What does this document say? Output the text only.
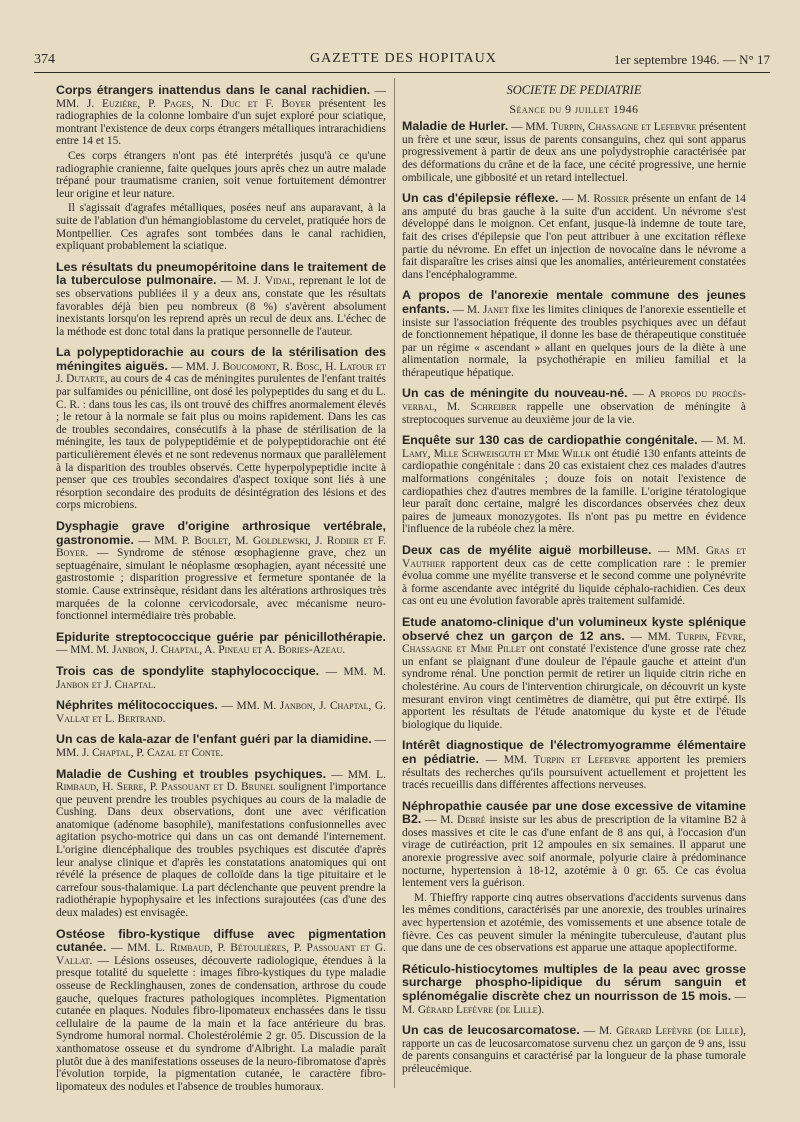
374	GAZETTE DES HOPITAUX	1er septembre 1946. — N° 17

Corps étrangers inattendus dans le canal rachidien. — MM. J. Euzière, P. Pages, N. Duc et F. Boyer présentent les radiographies de la colonne lombaire d'un sujet exploré pour sciatique, montrant l'existence de deux corps étrangers métalliques intrarachidiens entre 14 et 15.

Ces corps étrangers n'ont pas été interprétés jusqu'à ce qu'une radiographie cranienne, faite quelques jours après chez un autre malade trépané pour traumatisme cranien, soit venue fortuitement démontrer leur origine et leur nature.

Il s'agissait d'agrafes métalliques, posées neuf ans auparavant, à la suite de l'ablation d'un hémangioblastome du cervelet, pratiquée hors de Montpellier. Ces agrafes sont tombées dans le canal rachidien, expliquant probablement la sciatique.

Les résultats du pneumopéritoine dans le traitement de la tuberculose pulmonaire. — M. J. Vidal, reprenant le lot de ses observations publiées il y a deux ans, constate que les résultats favorables déjà bien peu nombreux (8 %) s'avèrent absolument inexistants lorsqu'on les reprend après un recul de deux ans. L'échec de la méthode est donc total dans la pratique personnelle de l'auteur.

La polypeptidorachie au cours de la stérilisation des méningites aiguës. — MM. J. Boucomont, R. Bosc, H. Latour et J. Dutarte, au cours de 4 cas de méningites purulentes de l'enfant traités par sulfamides ou pénicilline, ont dosé les polypeptides du sang et du L. C. R. : dans tous les cas, ils ont trouvé des chiffres anormalement élevés ; le retour à la normale se fait plus ou moins rapidement. Dans les cas de troubles secondaires, consécutifs à la phase de stérilisation de la méningite, les taux de polypeptidémie et de polypeptidorachie ont été particulièrement élevés et ne sont redevenus normaux que parallèlement à la disparition des troubles observés. Cette hyperpolypeptidie incite à penser que ces troubles secondaires d'aspect toxique sont liés à une résorption secondaire des produits de désintégration des lésions et des corps microbiens.

Dysphagie grave d'origine arthrosique vertébrale, gastronomie. — MM. P. Boulet, M. Goldlewski, J. Rodier et F. Boyer. — Syndrome de sténose œsophagienne grave, chez un septuagénaire, simulant le néoplasme œsophagien, ayant nécessité une gastrostomie ; disparition progressive et fermeture spontanée de la stomie. Cause extrinsèque, résidant dans les altérations arthrosiques très marquées de la colonne cervicodorsale, avec mécanisme neuro-fonctionnel intermédiaire très probable.

Epidurite streptococcique guérie par pénicillothérapie. — MM. M. Janbon, J. Chaptal, A. Pineau et A. Bories-Azeau.

Trois cas de spondylite staphylococcique. — MM. M. Janbon et J. Chaptal.

Néphrites mélitococciques. — MM. M. Janbon, J. Chaptal, G. Vallat et L. Bertrand.

Un cas de kala-azar de l'enfant guéri par la diamidine. — MM. J. Chaptal, P. Cazal et Conte.

Maladie de Cushing et troubles psychiques. — MM. L. Rimbaud, H. Serre, P. Passouant et D. Brunel soulignent l'importance que peuvent prendre les troubles psychiques au cours de la maladie de Cushing. Dans deux observations, dont une avec vérification anatomique (adénome basophile), manifestations confusionnelles avec agitation psycho-motrice qui dans un cas ont demandé l'internement. L'origine diencéphalique des troubles psychiques est discutée d'après leur analyse clinique et d'après les constatations anatomiques qui ont révélé la présence de plaques de colloïde dans la tige pituitaire et le carrefour sous-thalamique. La part déclenchante que peuvent prendre la radiothérapie hypophysaire et les infections surajoutées (cas d'une des deux malades) est envisagée.

Ostéose fibro-kystique diffuse avec pigmentation cutanée. — MM. L. Rimbaud, P. Bétoulières, P. Passouant et G. Vallat. — Lésions osseuses, découverte radiologique, étendues à la presque totalité du squelette : images fibro-kystiques du type maladie osseuse de Recklinghausen, zones de condensation, arthrose du coude gauche, quelques fractures pathologiques incomplètes. Pigmentation cutanée en plaques. Nodules fibro-lipomateux enchassées dans le tissu cellulaire de la paume de la main et la face antérieure du bras. Syndrome humoral normal. Cholestérolémie 2 gr. 05. Discussion de la xanthomatose osseuse et du syndrome d'Albright. La maladie paraît plutôt due à des manifestations osseuses de la neuro-fibromatose d'après l'évolution torpide, la pigmentation cutanée, le caractère fibro-lipomateux des nodules et l'absence de troubles humoraux.

SOCIETE DE PEDIATRIE
Séance du 9 juillet 1946

Maladie de Hurler. — MM. Turpin, Chassagne et Lefebvre présentent un frère et une sœur, issus de parents consanguins, chez qui sont apparus progressivement à partir de deux ans une polydystrophie caractérisée par des déformations du crâne et de la face, une cécité progressive, une hernie ombilicale, une gibbosité et un retard intellectuel.

Un cas d'épilepsie réflexe. — M. Rossier présente un enfant de 14 ans amputé du bras gauche à la suite d'un accident. Un névrome s'est développé dans le moignon. Cet enfant, jusque-là indemne de toute tare, fait des crises d'épilepsie que l'on peut attribuer à une excitation réflexe partie du névrome. En effet un injection de novocaïne dans le névrome a fait disparaître les crises ainsi que les anomalies, antérieurement constatées dans l'encéphalogramme.

A propos de l'anorexie mentale commune des jeunes enfants. — M. Janet fixe les limites cliniques de l'anorexie essentielle et insiste sur l'association fréquente des troubles psychiques avec un défaut de fonctionnement hépatique, il donne les base de thérapeutique constituée par un régime « ascendant » allant en quelques jours de la diète à une alimentation normale, la psychothérapie en milieu familial et la thérapeutique hépatique.

Un cas de méningite du nouveau-né. — A propos du procès-verbal, M. Schreiber rappelle une observation de méningite à streptocoques survenue au deuxième jour de la vie.

Enquête sur 130 cas de cardiopathie congénitale. — M. M. Lamy, Mlle Schweisguth et Mme Willk ont étudié 130 enfants atteints de cardiopathie congénitale : dans 20 cas existaient chez ces malades d'autres malformations congénitales ; douze fois on notait l'existence de cardiopathies chez d'autres membres de la famille. L'origine tératologique leur paraît donc certaine, malgré les discordances observées chez deux paires de jumeaux monozygotes. Ils n'ont pas pu mettre en évidence l'influence de la rubéole chez la mère.

Deux cas de myélite aiguë morbilleuse. — MM. Gras et Vauthier rapportent deux cas de cette complication rare : le premier évolua comme une myélite transverse et le second comme une polynévrite à forme ascendante avec intégrité du liquide céphalo-rachidien. Ces deux cas ont eu une évolution favorable après traitement sulfamidé.

Etude anatomo-clinique d'un volumineux kyste splénique observé chez un garçon de 12 ans. — MM. Turpin, Fèvre, Chassagne et Mme Pillet ont constaté l'existence d'une grosse rate chez un enfant se plaignant d'une douleur de l'épaule gauche et atteint d'un syndrome rénal. Une ponction permit de retirer un liquide citrin riche en cholestérine. Au cours de l'intervention chirurgicale, on découvrit un kyste mesurant environ vingt centimètres de diamètre, qui put être extirpé. Ils apportent les résultats de l'étude anatomique du kyste et de l'étude biologique du liquide.

Intérêt diagnostique de l'électromyogramme élémentaire en pédiatrie. — MM. Turpin et Lefebvre apportent les premiers résultats des recherches qu'ils poursuivent actuellement et projettent les tracés recueillis dans différentes affections nerveuses.

Néphropathie causée par une dose excessive de vitamine B2. — M. Debré insiste sur les abus de prescription de la vitamine B2 à doses massives et cite le cas d'une enfant de 8 ans qui, à l'occasion d'un virage de cutiréaction, prit 12 ampoules en six semaines. Il apparut une anorexie progressive avec soif anormale, polyurie claire à prédominance nocturne, hypertension à 18-12, azotémie à 0 gr. 65. Ce cas évolua lentement vers la guérison.

M. Thieffry rapporte cinq autres observations d'accidents survenus dans les mêmes conditions, caractérisés par une anorexie, des troubles urinaires avec hypertension et azotémie, des vomissements et une absence totale de fièvre. Ces cas peuvent simuler la méningite tuberculeuse, d'autant plus que dans une de ces observations est apparue une attaque apoplectiforme.

Réticulo-histiocytomes multiples de la peau avec grosse surcharge phospho-lipidique du sérum sanguin et splénomégalie discrète chez un nourrisson de 15 mois. — M. Gérard Lefèvre (de Lille).

Un cas de leucosarcomatose. — M. Gérard Lefèvre (de Lille), rapporte un cas de leucosarcomatose survenu chez un garçon de 9 ans, issu de parents consanguins et caractérisé par la longueur de la phase tumorale préleucémique.
